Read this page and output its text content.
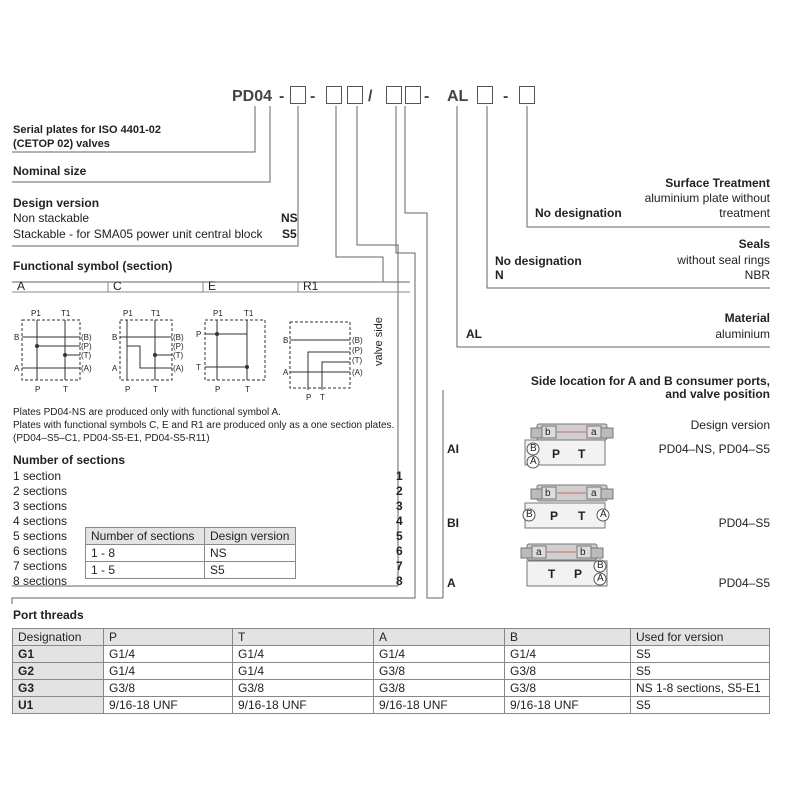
P1	T1
B
A
P	T
(B)
(P)
(T)
(A)
P1 T1
B
A
P	T
(B)
(P)
(T)
(A)
P1	T1
P
T
P	T
B
A
P T
(B)
(P)
(T)
(A)
PD04 - -	/	- AL -
Serial plates for ISO 4401-02
(CETOP 02) valves
Nominal size
Design version
Non stackable	NS
Stackable - for SMA05 power unit central block S5
Functional symbol (section)
A	C	E	R1
valve side
Plates PD04-NS are produced only with functional symbol A.
Plates with functional symbols C, E and R1 are produced only as a one section plates.
(PD04–S5–C1, PD04-S5-E1, PD04-S5-R11)
Number of sections
1 section	1
2 sections	2
3 sections	3
4 sections	4
5 sections	5
6 sections	6
7 sections	7
8 sections	8
Number of sections	Design version
1 - 8	NS
1 - 5	S5
Surface Treatment
aluminium plate without
treatment
No designation
Seals
No designation	without seal rings
N	NBR
Material
AL	aluminium
Side location for A and B consumer ports,
and valve position
Design version
AI	PD04–NS, PD04–S5
BI	PD04–S5
A	PD04–S5
P T
P T
T P
B
A
B	A
B
A
b	a
b	a
a	b
Port threads
Designation	P	T	A	B	Used for version
G1	G1/4	G1/4	G1/4	G1/4	S5
G2	G1/4	G1/4	G3/8	G3/8	S5
G3	G3/8	G3/8	G3/8	G3/8	NS 1-8 sections, S5-E1
U1	9/16-18 UNF	9/16-18 UNF	9/16-18 UNF	9/16-18 UNF	S5
